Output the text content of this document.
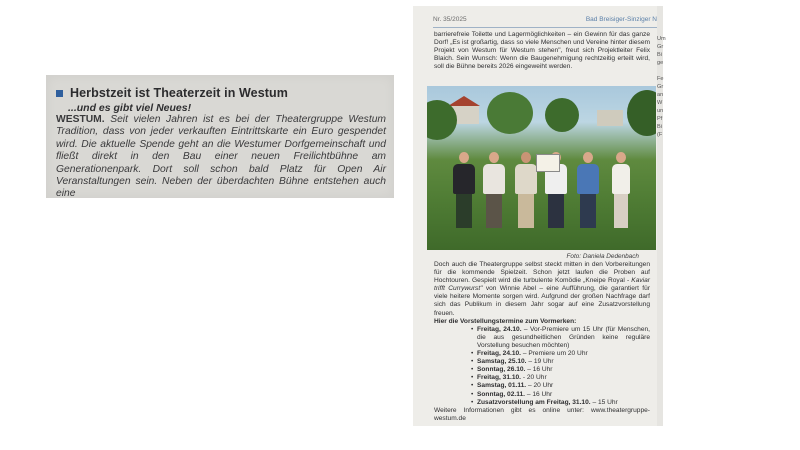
Herbstzeit ist Theaterzeit in Westum
...und es gibt viel Neues!

WESTUM. Seit vielen Jahren ist es bei der Theatergruppe Westum Tradition, dass von jeder verkauften Eintrittskarte ein Euro gespendet wird. Die aktuelle Spende geht an die Westumer Dorfgemeinschaft und fließt direkt in den Bau einer neuen Freilichtbühne am Generationenpark. Dort soll schon bald Platz für Open Air Veranstaltungen sein. Neben der überdachten Bühne entstehen auch eine

Nr. 35/2025	Bad Breisiger-Sinziger N

barrierefreie Toilette und Lagermöglichkeiten – ein Gewinn für das ganze Dorf! „Es ist großartig, dass so viele Menschen und Vereine hinter diesem Projekt von Westum für Westum stehen", freut sich Projektleiter Felix Blaich. Sein Wunsch: Wenn die Baugenehmigung rechtzeitig erteilt wird, soll die Bühne bereits 2026 eingeweiht werden.

Foto: Daniela Dedenbach

Doch auch die Theatergruppe selbst steckt mitten in den Vorbereitungen für die kommende Spielzeit. Schon jetzt laufen die Proben auf Hochtouren. Gespielt wird die turbulente Komödie „Kneipe Royal - Kaviar trifft Currywurst" von Winnie Abel – eine Aufführung, die garantiert für viele heitere Momente sorgen wird. Aufgrund der großen Nachfrage darf sich das Publikum in diesem Jahr sogar auf eine Zusatzvorstellung freuen.

Hier die Vorstellungstermine zum Vormerken:

• Freitag, 24.10. – Vor-Premiere um 15 Uhr (für Menschen, die aus gesundheitlichen Gründen keine reguläre Vorstellung besuchen möchten)
• Freitag, 24.10. – Premiere um 20 Uhr
• Samstag, 25.10. – 19 Uhr
• Sonntag, 26.10. – 16 Uhr
• Freitag, 31.10. - 20 Uhr
• Samstag, 01.11. – 20 Uhr
• Sonntag, 02.11. – 16 Uhr
• Zusatzvorstellung am Freitag, 31.10. – 15 Uhr

Weitere Informationen gibt es online unter: www.theatergruppe-westum.de

Um
Gr
Bi
ge
Fe
Gr
an
W
un
Pf
Bi
(F
